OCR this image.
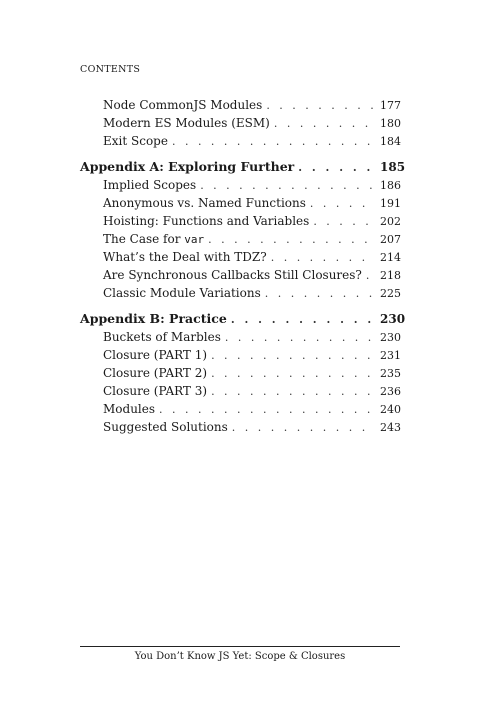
CONTENTS
Node CommonJS Modules . . .	177
Modern ES Modules (ESM) . . .	180
Exit Scope . . .	184
Appendix A: Exploring Further . . .	185
Implied Scopes . . .	186
Anonymous vs. Named Functions . . .	191
Hoisting: Functions and Variables . . .	202
The Case for var . . .	207
What’s the Deal with TDZ? . . .	214
Are Synchronous Callbacks Still Closures? . . . 218
Classic Module Variations . . .	225
Appendix B: Practice . . .	230
Buckets of Marbles . . .	230
Closure (PART 1) . . .	231
Closure (PART 2) . . .	235
Closure (PART 3) . . .	236
Modules . . .	240
Suggested Solutions . . .	243
You Don’t Know JS Yet: Scope & Closures
